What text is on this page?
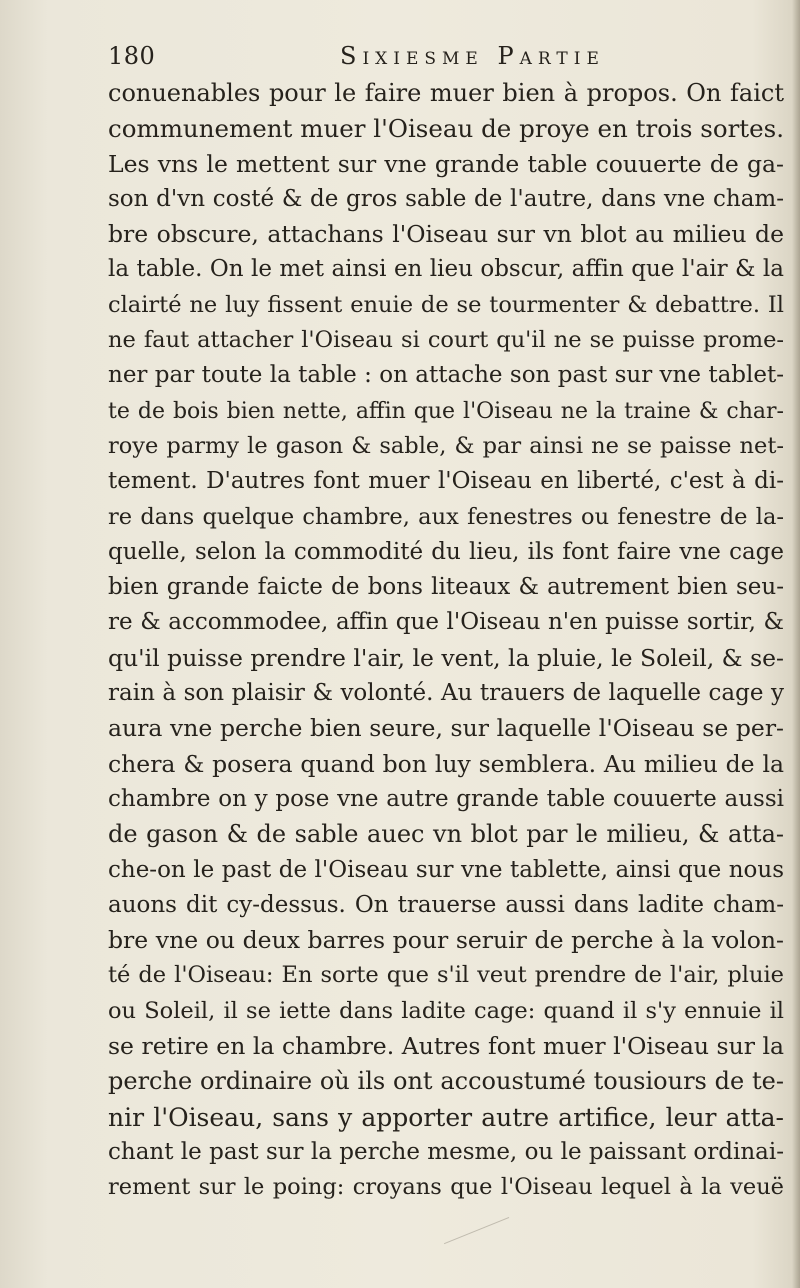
180	Sixiesme Partie
conuenables pour le faire muer bien à propos. On faict
communement muer l'Oiseau de proye en trois sortes.
Les vns le mettent sur vne grande table couuerte de ga-
son d'vn costé & de gros sable de l'autre, dans vne cham-
bre obscure, attachans l'Oiseau sur vn blot au milieu de
la table. On le met ainsi en lieu obscur, affin que l'air & la
clairté ne luy fissent enuie de se tourmenter & debattre. Il
ne faut attacher l'Oiseau si court qu'il ne se puisse prome-
ner par toute la table : on attache son past sur vne tablet-
te de bois bien nette, affin que l'Oiseau ne la traine & char-
roye parmy le gason & sable, & par ainsi ne se paisse net-
tement. D'autres font muer l'Oiseau en liberté, c'est à di-
re dans quelque chambre, aux fenestres ou fenestre de la-
quelle, selon la commodité du lieu, ils font faire vne cage
bien grande faicte de bons liteaux & autrement bien seu-
re & accommodee, affin que l'Oiseau n'en puisse sortir, &
qu'il puisse prendre l'air, le vent, la pluie, le Soleil, & se-
rain à son plaisir & volonté. Au trauers de laquelle cage y
aura vne perche bien seure, sur laquelle l'Oiseau se per-
chera & posera quand bon luy semblera. Au milieu de la
chambre on y pose vne autre grande table couuerte aussi
de gason & de sable auec vn blot par le milieu, & atta-
che-on le past de l'Oiseau sur vne tablette, ainsi que nous
auons dit cy-dessus. On trauerse aussi dans ladite cham-
bre vne ou deux barres pour seruir de perche à la volon-
té de l'Oiseau: En sorte que s'il veut prendre de l'air, pluie
ou Soleil, il se iette dans ladite cage: quand il s'y ennuie il
se retire en la chambre. Autres font muer l'Oiseau sur la
perche ordinaire où ils ont accoustumé tousiours de te-
nir l'Oiseau, sans y apporter autre artifice, leur atta-
chant le past sur la perche mesme, ou le paissant ordinai-
rement sur le poing: croyans que l'Oiseau lequel à la veuë
